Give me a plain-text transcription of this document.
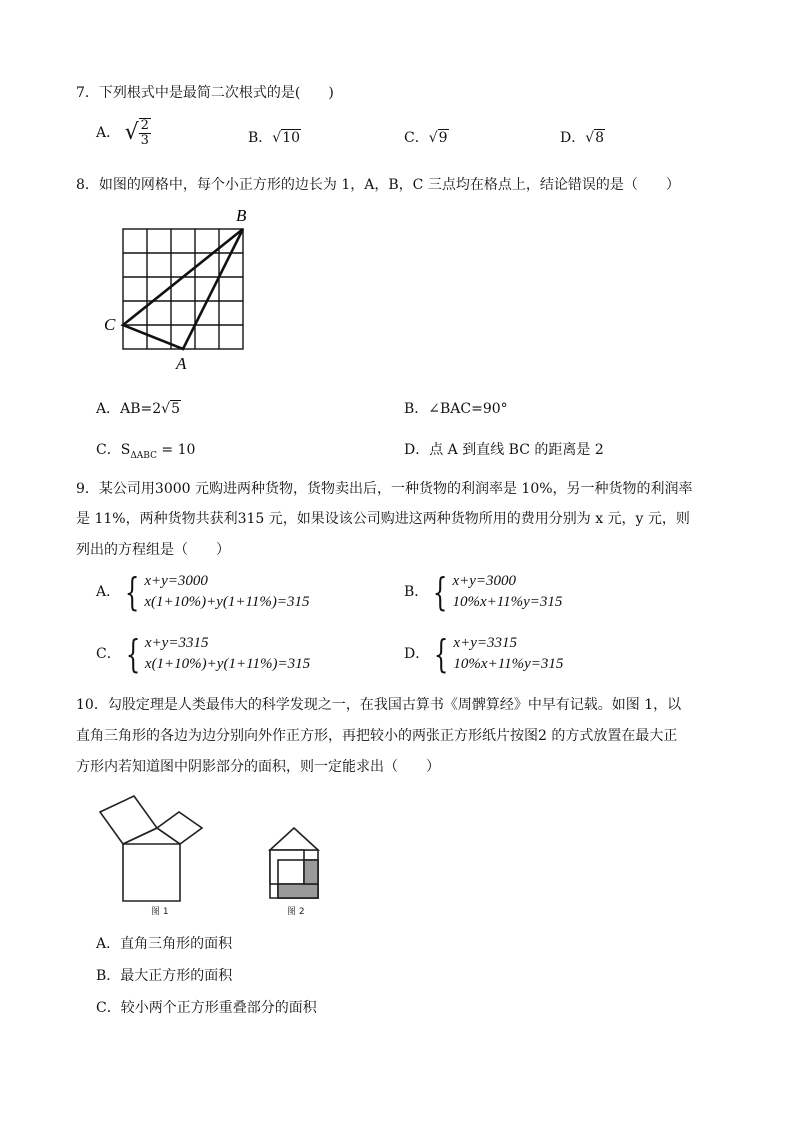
7．下列根式中是最简二次根式的是(　　)
A． √ $\frac{2}{3}$	B．√10	C．√9	D．√8
8．如图的网格中，每个小正方形的边长为 1，A，B，C 三点均在格点上，结论错误的是（　　）
B
C
A
A．AB=2√5	B．∠BAC=90°
C．$S_{\Delta ABC} = 10$	D．点 A 到直线 BC 的距离是 2
9．某公司用3000 元购进两种货物，货物卖出后，一种货物的利润率是 10%，另一种货物的利润率
是 11%，两种货物共获利315 元，如果设该公司购进这两种货物所用的费用分别为 x 元，y 元，则
列出的方程组是（　　）
A． { x+y=3000
x(1+10%)+y(1+11%)=315
B． { x+y=3000
10%x+11%y=315
C． { x+y=3315
x(1+10%)+y(1+11%)=315
D． { x+y=3315
10%x+11%y=315
10．勾股定理是人类最伟大的科学发现之一，在我国古算书《周髀算经》中早有记载。如图 1，以
直角三角形的各边为边分别向外作正方形，再把较小的两张正方形纸片按图2 的方式放置在最大正
方形内若知道图中阴影部分的面积，则一定能求出（　　）
图 1	图 2
A．直角三角形的面积
B．最大正方形的面积
C．较小两个正方形重叠部分的面积
